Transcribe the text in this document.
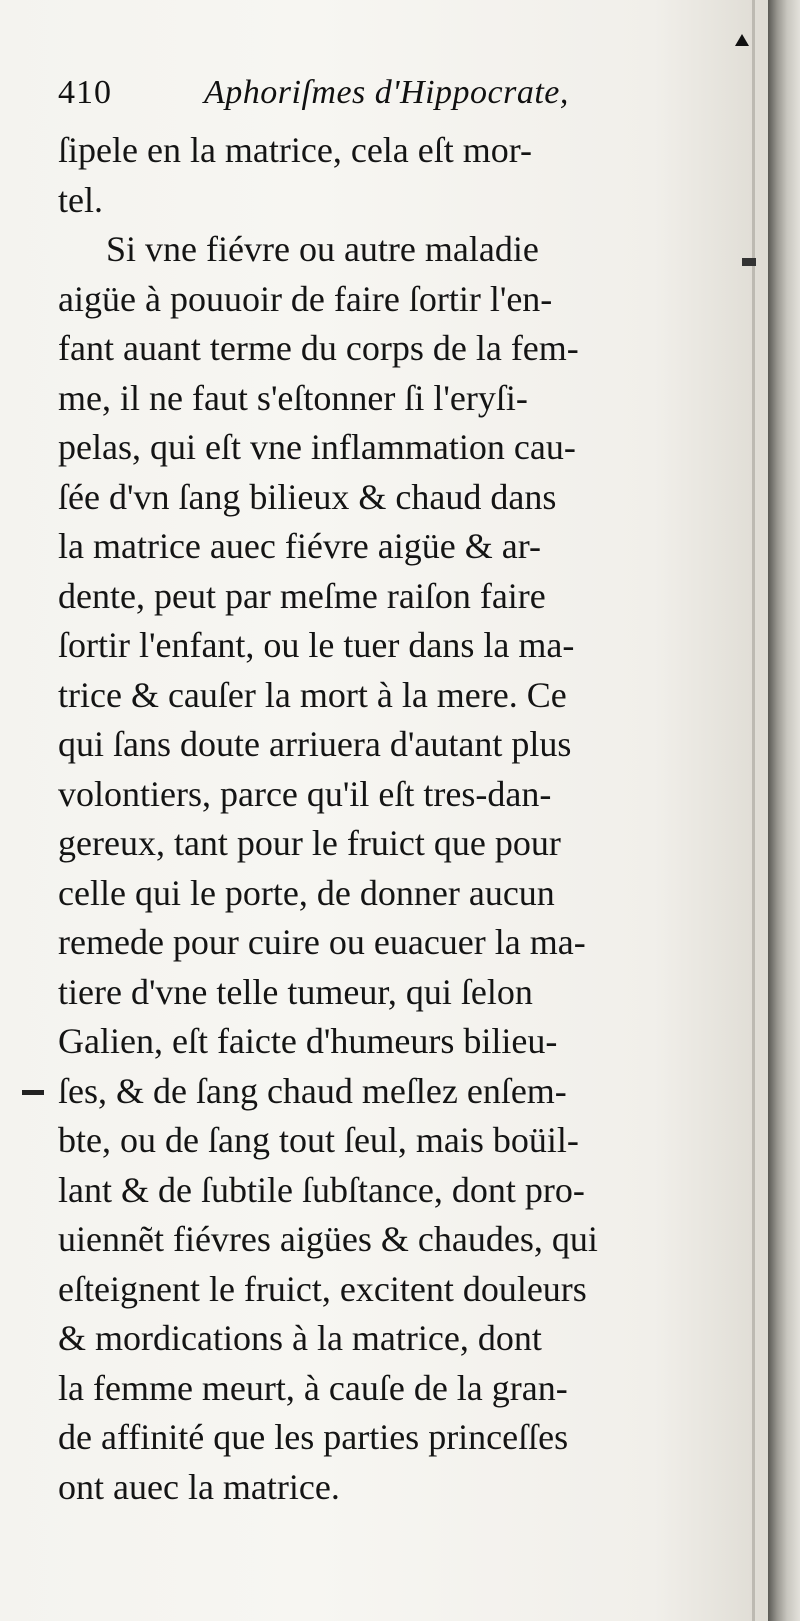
410	Aphoriſmes d'Hippocrate,
ſipele en la matrice, cela eſt mor-
tel.
Si vne fiévre ou autre maladie
aigüe à pouuoir de faire ſortir l'en-
fant auant terme du corps de la fem-
me, il ne faut s'eſtonner ſi l'eryſi-
pelas, qui eſt vne inflammation cau-
ſée d'vn ſang bilieux & chaud dans
la matrice auec fiévre aigüe & ar-
dente, peut par meſme raiſon faire
ſortir l'enfant, ou le tuer dans la ma-
trice & cauſer la mort à la mere. Ce
qui ſans doute arriuera d'autant plus
volontiers, parce qu'il eſt tres-dan-
gereux, tant pour le fruict que pour
celle qui le porte, de donner aucun
remede pour cuire ou euacuer la ma-
tiere d'vne telle tumeur, qui ſelon
Galien, eſt faicte d'humeurs bilieu-
ſes, & de ſang chaud meſlez enſem-
bte, ou de ſang tout ſeul, mais boüil-
lant & de ſubtile ſubſtance, dont pro-
uiennẽt fiévres aigües & chaudes, qui
eſteignent le fruict, excitent douleurs
& mordications à la matrice, dont
la femme meurt, à cauſe de la gran-
de affinité que les parties princeſſes
ont auec la matrice.
